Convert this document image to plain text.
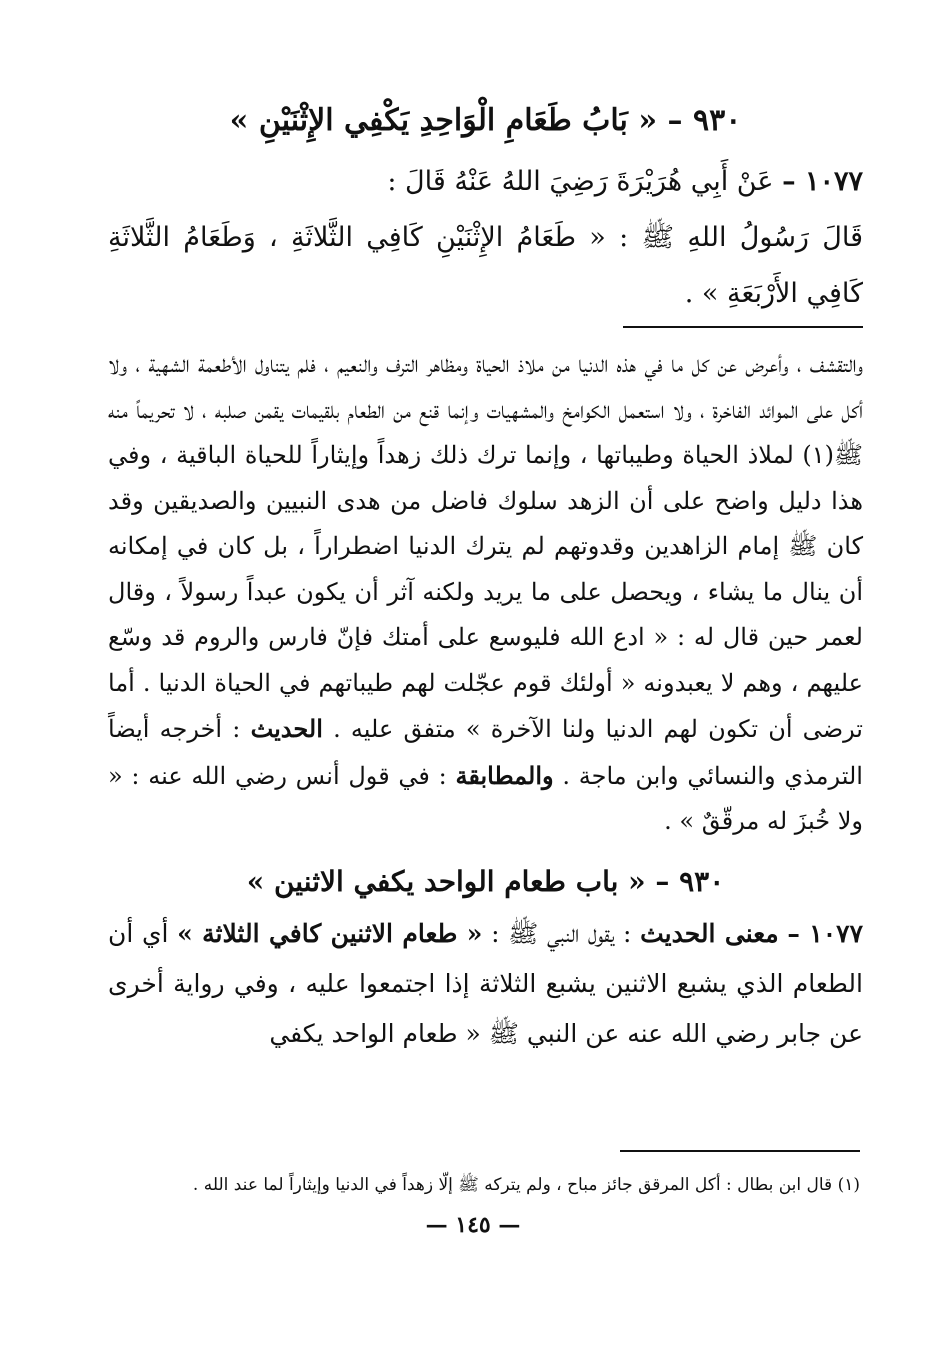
٩٣٠ – « بَابُ طَعَامِ الْوَاحِدِ يَكْفِي الإِثْنَيْنِ »

١٠٧٧ – عَنْ أَبِي هُرَيْرَةَ رَضِيَ اللهُ عَنْهُ قَالَ :

قَالَ رَسُولُ اللهِ ﷺ : « طَعَامُ الإِثْنَيْنِ كَافِي الثَّلاثَةِ ، وَطَعَامُ الثَّلاثَةِ كَافِي الأَرْبَعَةِ » .

والتقشف ، وأعرض عن كل ما في هذه الدنيا من ملاذ الحياة ومظاهر الترف والنعيم ، فلم يتناول الأطعمة الشهية ، ولا أكل على الموائد الفاخرة ، ولا استعمل الكوامخ والمشهيات وإنما قنع من الطعام بلقيمات يقمن صلبه ، لا تحريماً منه ﷺ(١) لملاذ الحياة وطيباتها ، وإنما ترك ذلك زهداً وإيثاراً للحياة الباقية ، وفي هذا دليل واضح على أن الزهد سلوك فاضل من هدى النبيين والصديقين وقد كان ﷺ إمام الزاهدين وقدوتهم لم يترك الدنيا اضطراراً ، بل كان في إمكانه أن ينال ما يشاء ، ويحصل على ما يريد ولكنه آثر أن يكون عبداً رسولاً ، وقال لعمر حين قال له : « ادع الله فليوسع على أمتك فإنّ فارس والروم قد وسّع عليهم ، وهم لا يعبدونه « أولئك قوم عجّلت لهم طيباتهم في الحياة الدنيا . أما ترضى أن تكون لهم الدنيا ولنا الآخرة » متفق عليه . الحديث : أخرجه أيضاً الترمذي والنسائي وابن ماجة . والمطابقة : في قول أنس رضي الله عنه : « ولا خُبزَ له مرقّقٌ » .

٩٣٠ – « باب طعام الواحد يكفي الاثنين »

١٠٧٧ – معنى الحديث : يقول النبي ﷺ : « طعام الاثنين كافي الثلاثة » أي أن الطعام الذي يشبع الاثنين يشبع الثلاثة إذا اجتمعوا عليه ، وفي رواية أخرى عن جابر رضي الله عنه عن النبي ﷺ « طعام الواحد يكفي

(١) قال ابن بطال : أكل المرقق جائز مباح ، ولم يتركه ﷺ إلّا زهداً في الدنيا وإيثاراً لما عند الله .

— ١٤٥ —
